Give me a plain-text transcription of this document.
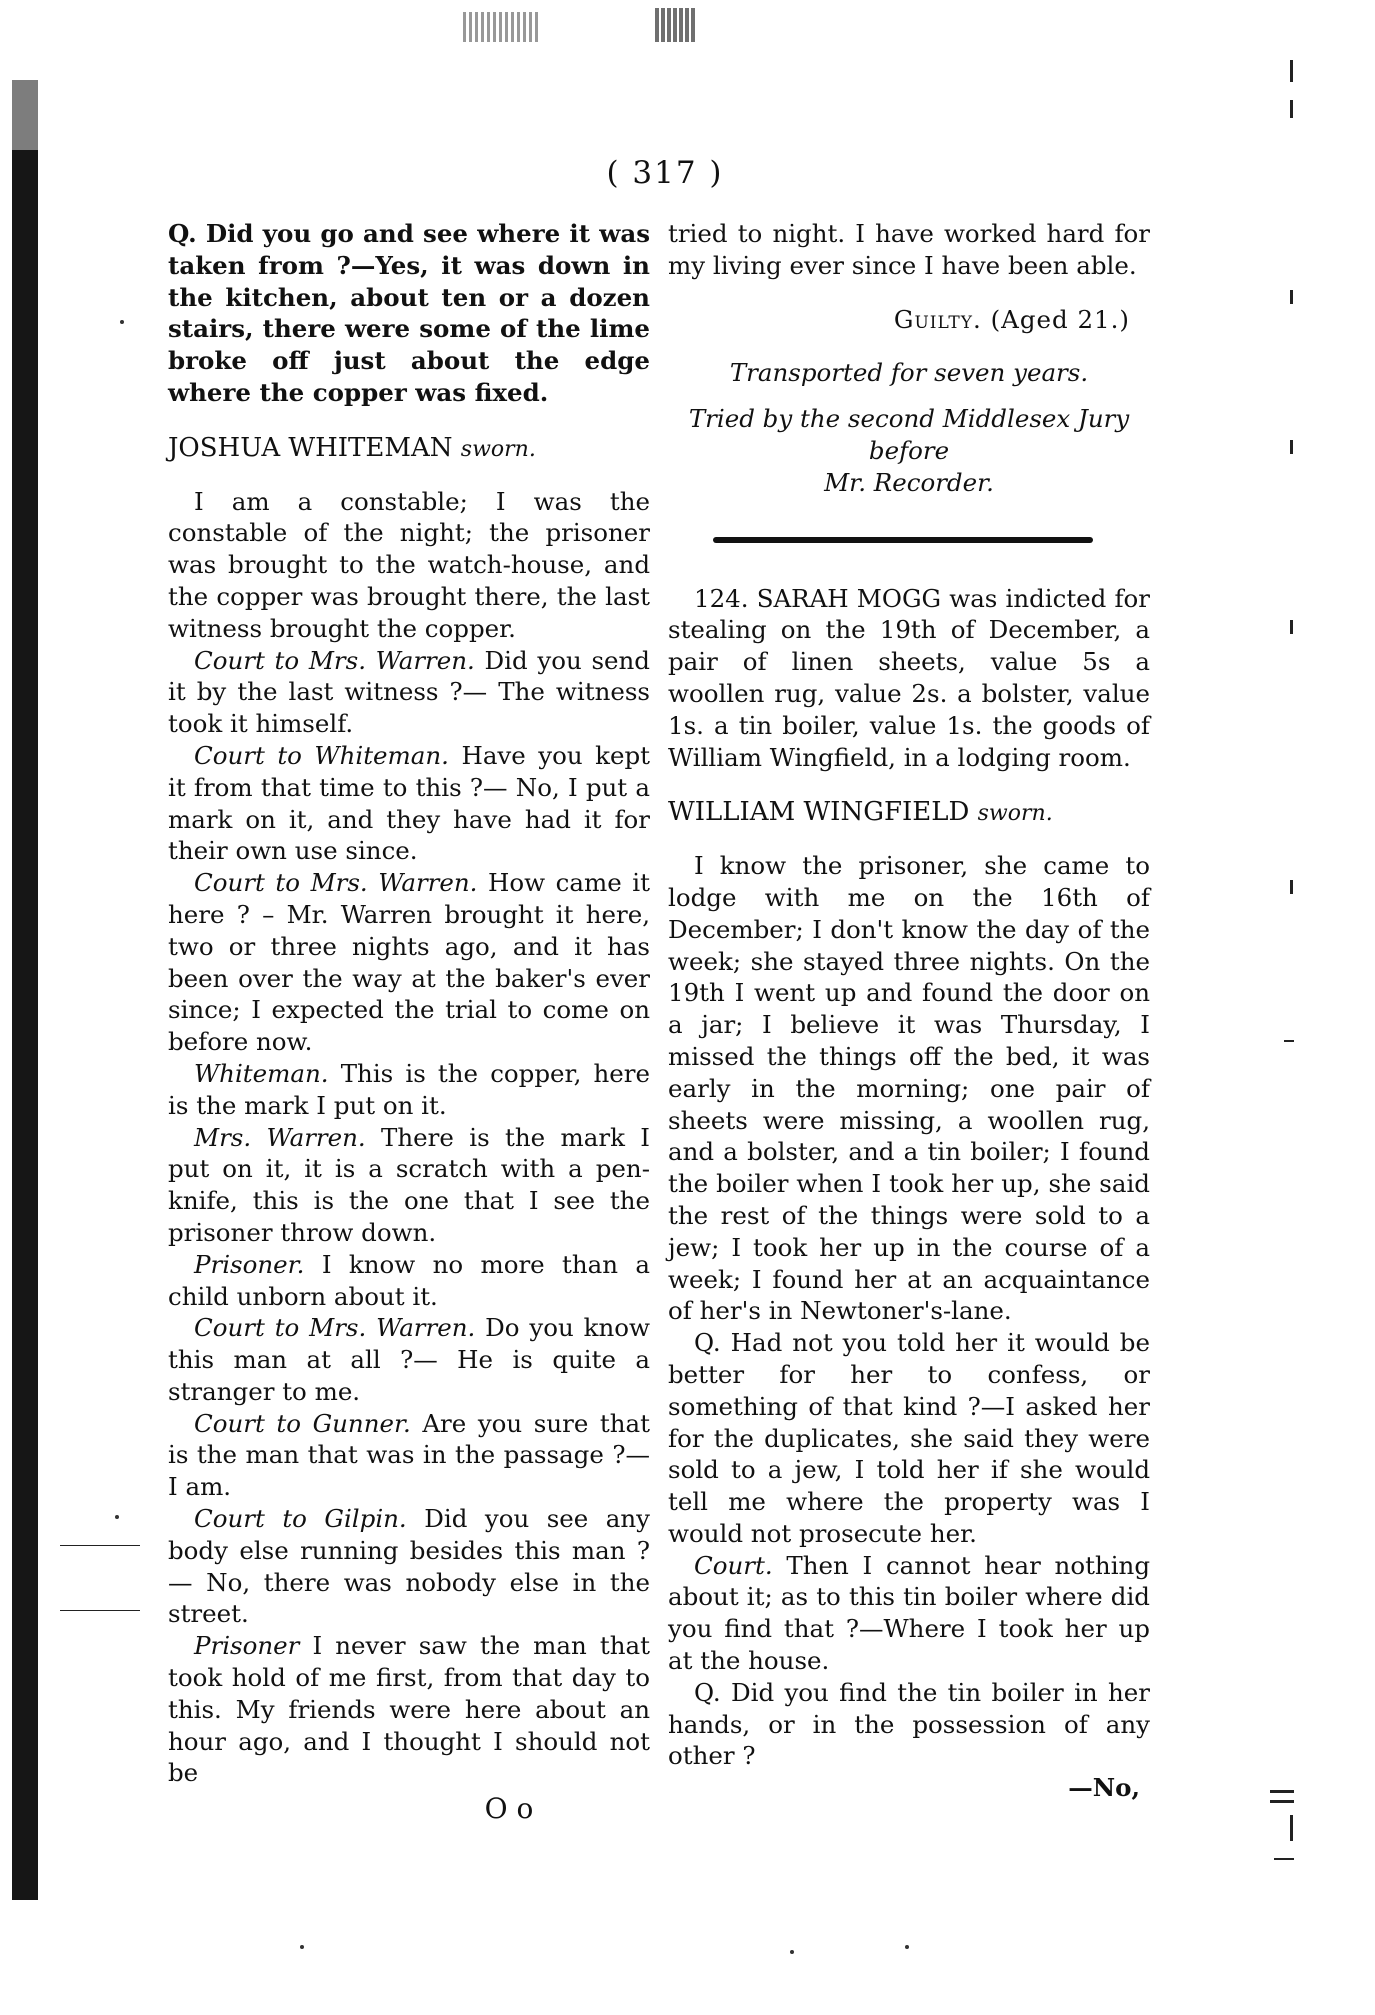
( 317 )

Q. Did you go and see where it was taken from ?—Yes, it was down in the kitchen, about ten or a dozen stairs, there were some of the lime broke off just about the edge where the copper was fixed.

JOSHUA WHITEMAN sworn.

I am a constable; I was the constable of the night; the prisoner was brought to the watch-house, and the copper was brought there, the last witness brought the copper.

Court to Mrs. Warren. Did you send it by the last witness ?— The witness took it himself.

Court to Whiteman. Have you kept it from that time to this ?— No, I put a mark on it, and they have had it for their own use since.

Court to Mrs. Warren. How came it here ? – Mr. Warren brought it here, two or three nights ago, and it has been over the way at the baker's ever since; I expected the trial to come on before now.

Whiteman. This is the copper, here is the mark I put on it.

Mrs. Warren. There is the mark I put on it, it is a scratch with a pen-knife, this is the one that I see the prisoner throw down.

Prisoner. I know no more than a child unborn about it.

Court to Mrs. Warren. Do you know this man at all ?— He is quite a stranger to me.

Court to Gunner. Are you sure that is the man that was in the passage ?— I am.

Court to Gilpin. Did you see any body else running besides this man ?— No, there was nobody else in the street.

Prisoner I never saw the man that took hold of me first, from that day to this. My friends were here about an hour ago, and I thought I should not be

O o

tried to night. I have worked hard for my living ever since I have been able.

Guilty. (Aged 21.)

Transported for seven years.

Tried by the second Middlesex Jury before

Mr. Recorder.

124. SARAH MOGG was indicted for stealing on the 19th of December, a pair of linen sheets, value 5s a woollen rug, value 2s. a bolster, value 1s. a tin boiler, value 1s. the goods of William Wingfield, in a lodging room.

WILLIAM WINGFIELD sworn.

I know the prisoner, she came to lodge with me on the 16th of December; I don't know the day of the week; she stayed three nights. On the 19th I went up and found the door on a jar; I believe it was Thursday, I missed the things off the bed, it was early in the morning; one pair of sheets were missing, a woollen rug, and a bolster, and a tin boiler; I found the boiler when I took her up, she said the rest of the things were sold to a jew; I took her up in the course of a week; I found her at an acquaintance of her's in Newtoner's-lane.

Q. Had not you told her it would be better for her to confess, or something of that kind ?—I asked her for the duplicates, she said they were sold to a jew, I told her if she would tell me where the property was I would not prosecute her.

Court. Then I cannot hear nothing about it; as to this tin boiler where did you find that ?—Where I took her up at the house.

Q. Did you find the tin boiler in her hands, or in the possession of any other ?

—No,
